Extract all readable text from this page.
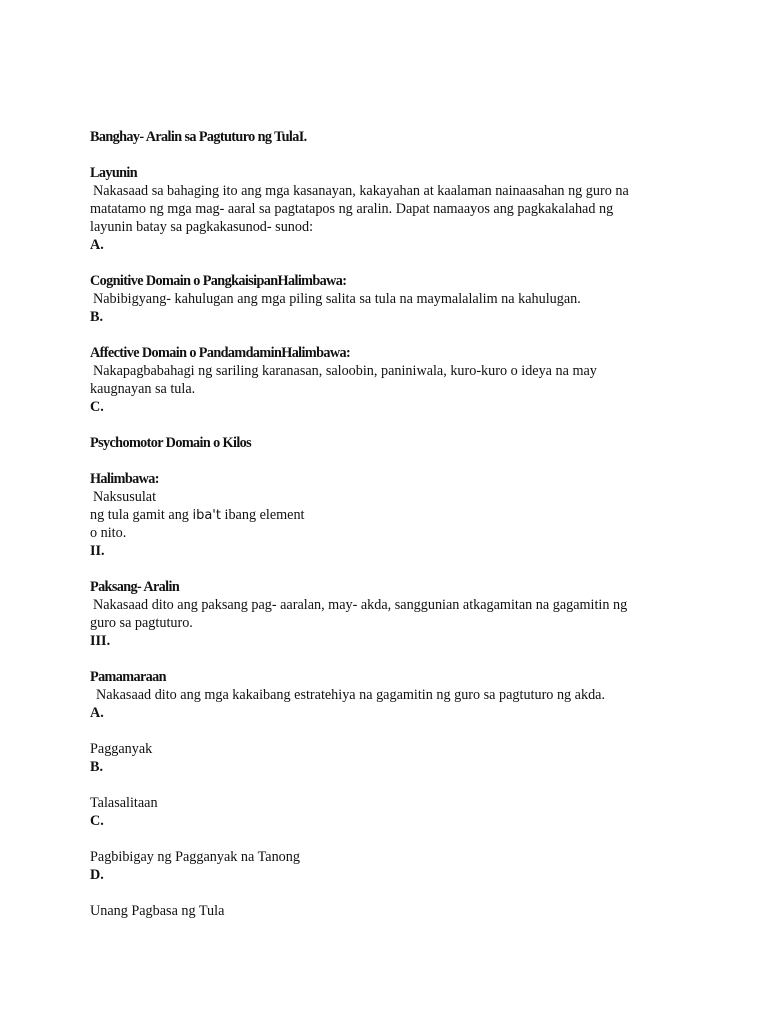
Banghay- Aralin sa Pagtuturo ng TulaI.
Layunin
Nakasaad sa bahaging ito ang mga kasanayan, kakayahan at kaalaman nainaasahan ng guro na
matatamo ng mga mag- aaral sa pagtatapos ng aralin. Dapat namaayos ang pagkakalahad ng
layunin batay sa pagkakasunod- sunod:
A.
Cognitive Domain o PangkaisipanHalimbawa:
Nabibigyang- kahulugan ang mga piling salita sa tula na maymalalalim na kahulugan.
B.
Affective Domain o PandamdaminHalimbawa:
Nakapagbabahagi ng sariling karanasan, saloobin, paniniwala, kuro-kuro o ideya na may
kaugnayan sa tula.
C.
Psychomotor Domain o Kilos
Halimbawa:
Naksusulat
ng tula gamit ang iba't ibang element
o nito.
II.
Paksang- Aralin
Nakasaad dito ang paksang pag- aaralan, may- akda, sanggunian atkagamitan na gagamitin ng
guro sa pagtuturo.
III.
Pamamaraan
Nakasaad dito ang mga kakaibang estratehiya na gagamitin ng guro sa pagtuturo ng akda.
A.
Pagganyak
B.
Talasalitaan
C.
Pagbibigay ng Pagganyak na Tanong
D.
Unang Pagbasa ng Tula
